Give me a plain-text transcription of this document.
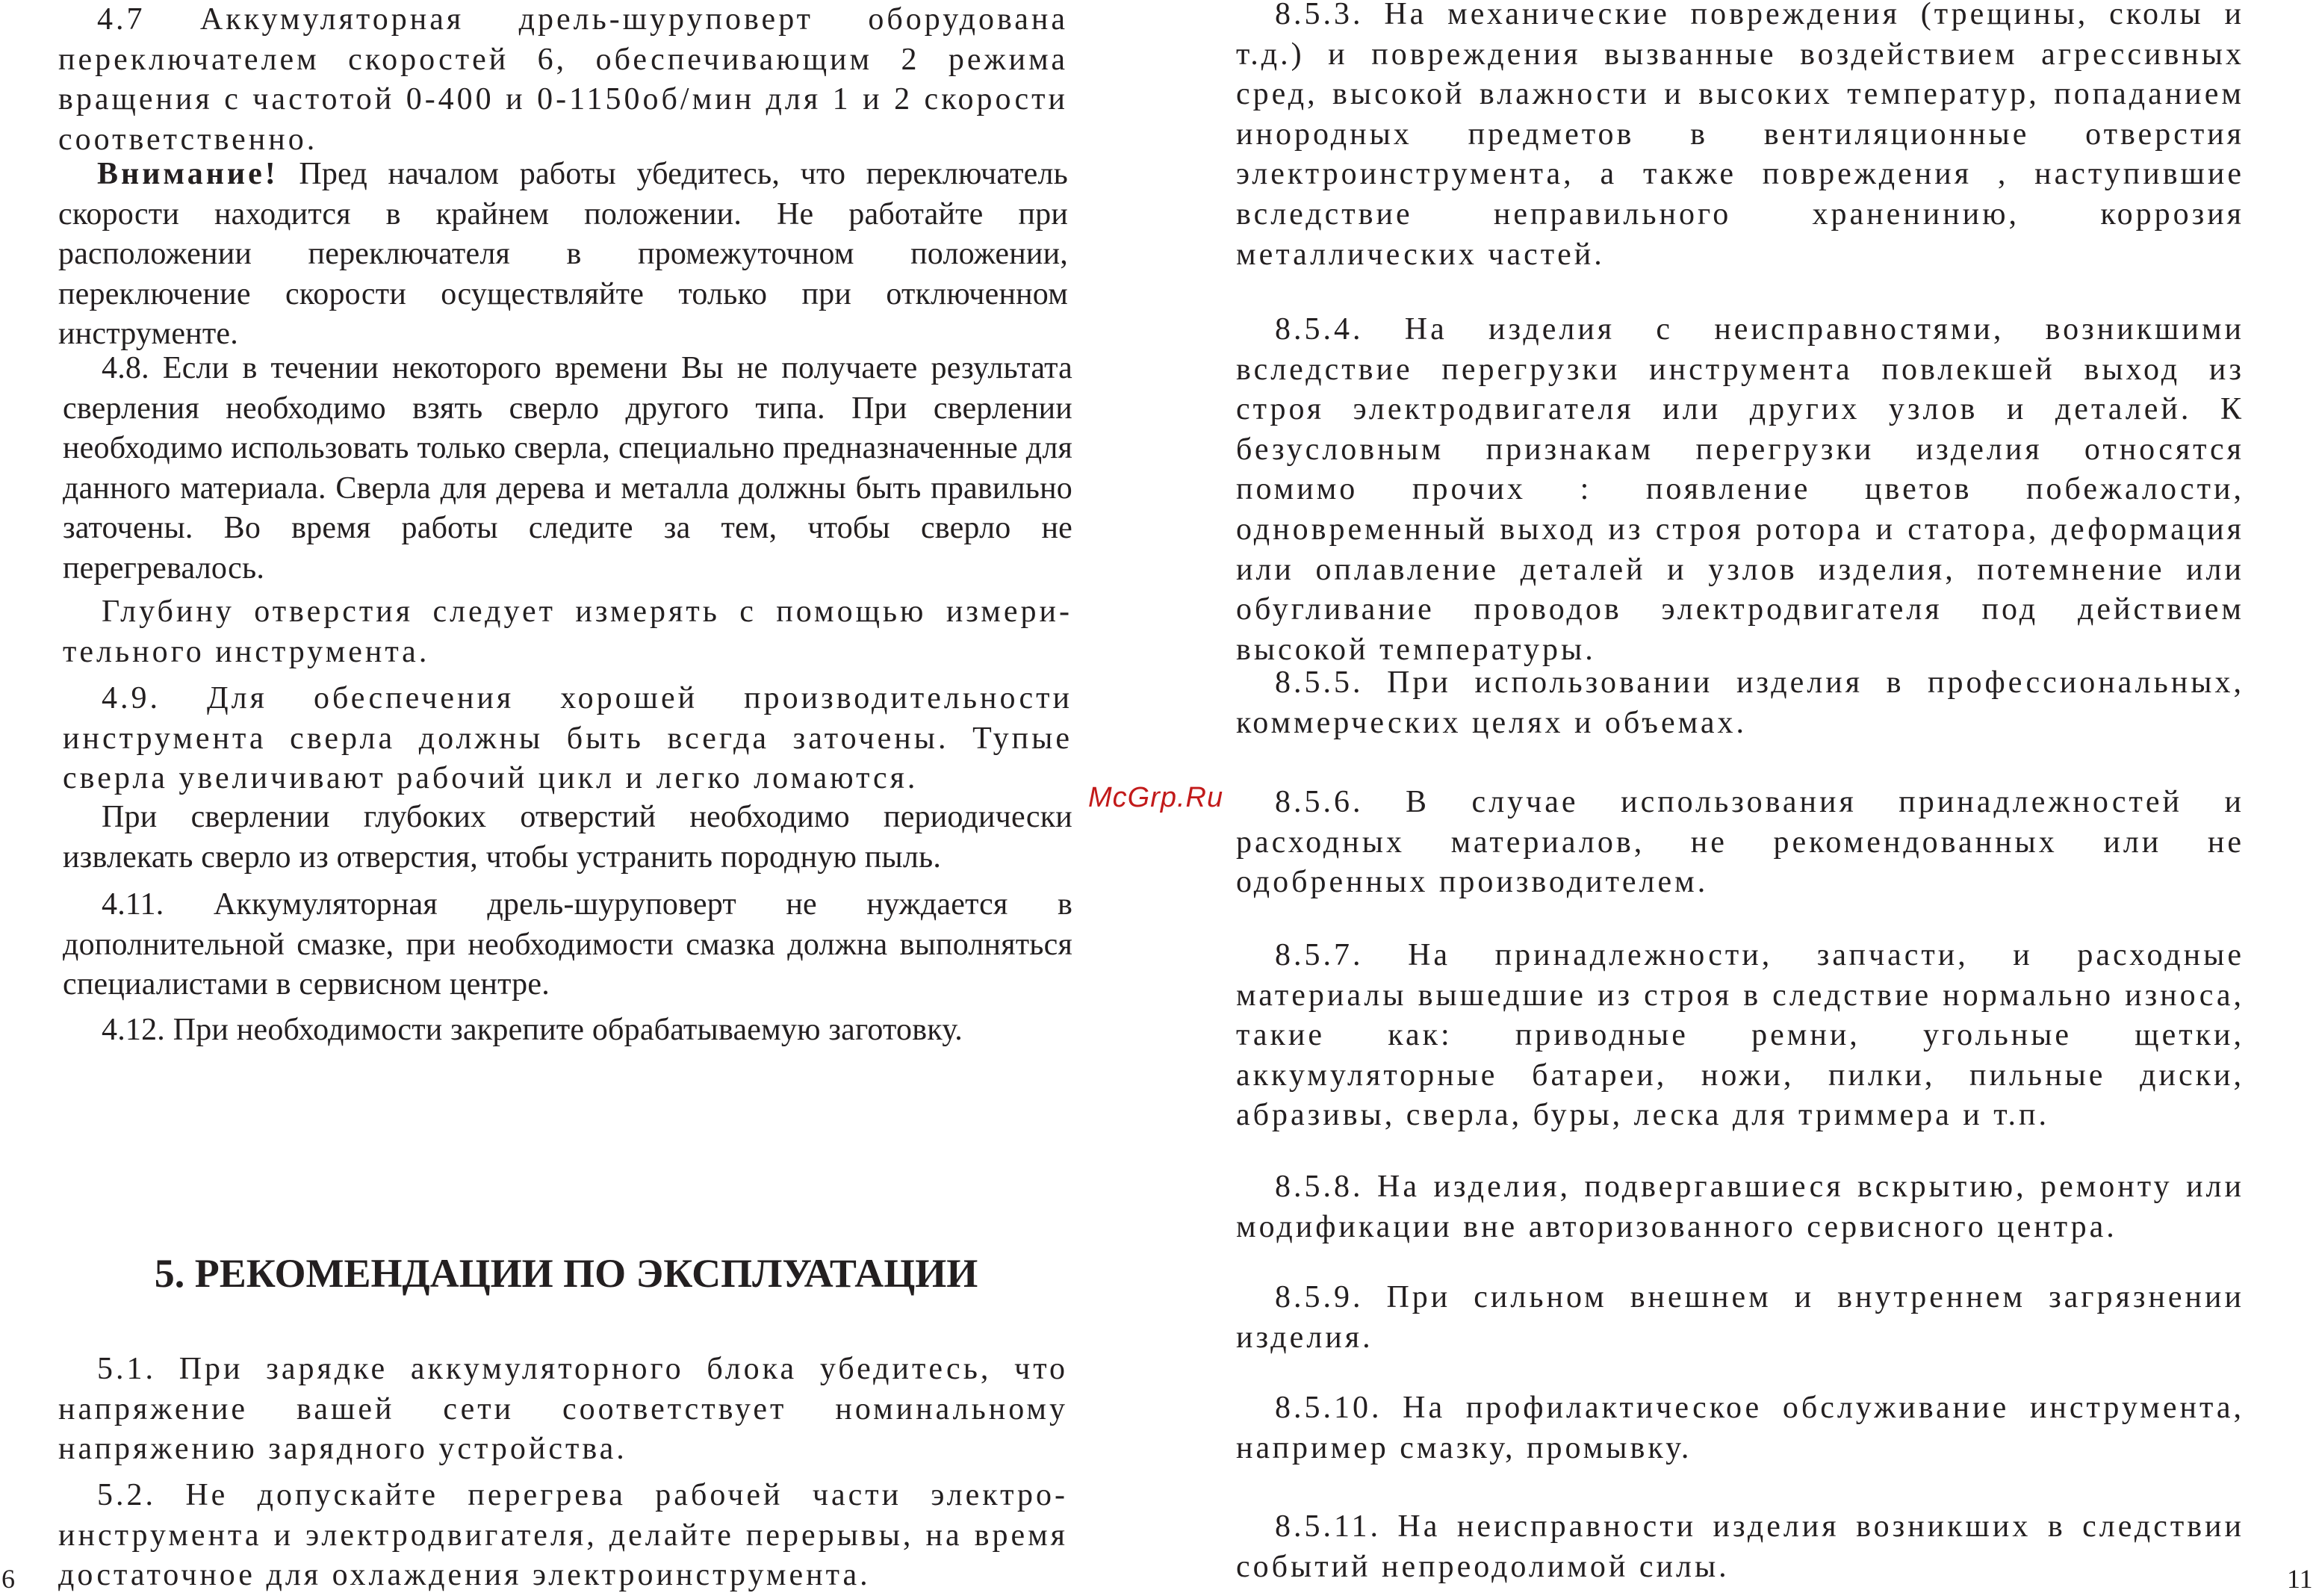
4.7 Аккумуляторная дрель-шуруповерт оборудована переключателем скоростей 6, обеспечивающим 2 режима вращения с частотой 0-400 и 0-1150об/мин для 1 и 2 скорости соответственно.

Внимание! Пред началом работы убедитесь, что переключатель скорости находится в крайнем положении. Не работайте при расположении переключателя в промежуточном положении, переключение скорости осуществляйте только при отключенном инструменте.

4.8. Если в течении некоторого времени Вы не получаете результата сверления необходимо взять сверло другого типа. При сверлении необходимо использовать только сверла, специально предназначенные для данного материала. Сверла для дерева и металла должны быть правильно заточены. Во время работы следите за тем, чтобы сверло не перегревалось.

Глубину отверстия следует измерять с помощью измери-тельного инструмента.

4.9. Для обеспечения хорошей производительности инструмента сверла должны быть всегда заточены. Тупые сверла увеличивают рабочий цикл и легко ломаются.

При сверлении глубоких отверстий необходимо периодически извлекать сверло из отверстия, чтобы устранить породную пыль.

4.11. Аккумуляторная дрель-шуруповерт не нуждается в дополнительной смазке, при необходимости смазка должна выполняться специалистами в сервисном центре.

4.12. При необходимости закрепите обрабатываемую заготовку.

5. РЕКОМЕНДАЦИИ ПО ЭКСПЛУАТАЦИИ

5.1. При зарядке аккумуляторного блока убедитесь, что напряжение вашей сети соответствует номинальному напряжению зарядного устройства.

5.2. Не допускайте перегрева рабочей части электро-инструмента и электродвигателя, делайте перерывы, на время достаточное для охлаждения электроинструмента.

6
McGrp.Ru

8.5.3. На механические повреждения (трещины, сколы и т.д.) и повреждения вызванные воздействием агрессивных сред, высокой влажности и высоких температур, попаданием инородных предметов в вентиляционные отверстия электроинструмента, а также повреждения , наступившие вследствие неправильного храненинию, коррозия металлических частей.

8.5.4. На изделия с неисправностями, возникшими вследствие перегрузки инструмента повлекшей выход из строя электродвигателя или других узлов и деталей. К безусловным признакам перегрузки изделия относятся помимо прочих : появление цветов побежалости, одновременный выход из строя ротора и статора, деформация или оплавление деталей и узлов изделия, потемнение или обугливание проводов электродвигателя под действием высокой температуры.

8.5.5. При использовании изделия в профессиональных, коммерческих целях и объемах.

8.5.6. В случае использования принадлежностей и расходных материалов, не рекомендованных или не одобренных производителем.

8.5.7. На принадлежности, запчасти, и расходные материалы вышедшие из строя в следствие нормально износа, такие как: приводные ремни, угольные щетки, аккумуляторные батареи, ножи, пилки, пильные диски, абразивы, сверла, буры, леска для триммера и т.п.

8.5.8. На изделия, подвергавшиеся вскрытию, ремонту или модификации вне авторизованного сервисного центра.

8.5.9. При сильном внешнем и внутреннем загрязнении изделия.

8.5.10. На профилактическое обслуживание инструмента, например смазку, промывку.

8.5.11. На неисправности изделия возникших в следствии событий непреодолимой силы.	11
